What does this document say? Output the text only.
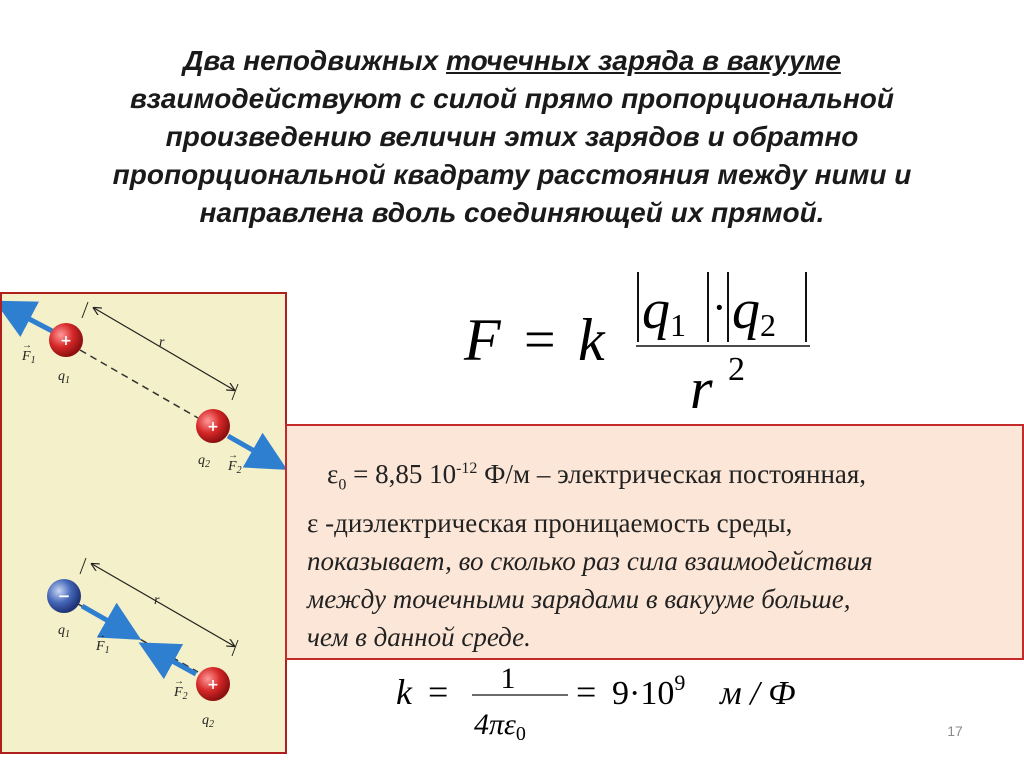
Два неподвижных точечных заряда в вакууме
взаимодействуют с силой прямо пропорциональной
произведению величин этих зарядов и обратно
пропорциональной квадрату расстояния между ними и
направлена вдоль соединяющей их прямой.
r
+
+
$F_1$
→
$q_1$
$q_2$ $F_2$
→
r
−
+
$q_1$
$F_1$
→
$F_2$
→
$q_2$
F = k q1 · q2
r 2
$\varepsilon_0 = 8,85$ $10^{-12}$ Ф/м – электрическая постоянная,
ε -диэлектрическая проницаемость среды,
показывает, во сколько раз сила взаимодействия
между точечными зарядами в вакууме больше,
чем в данной среде.
k = 1
$4\pi\varepsilon_0$
= $9\cdot 10^9$ м / Ф
17
